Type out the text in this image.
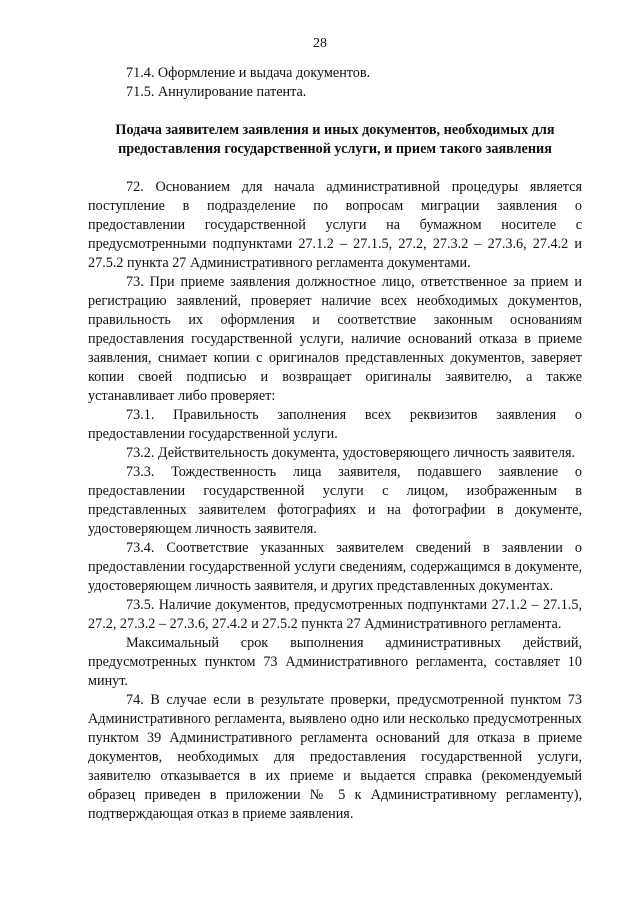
28
71.4. Оформление и выдача документов.
71.5. Аннулирование патента.
Подача заявителем заявления и иных документов, необходимых для предоставления государственной услуги, и прием такого заявления

72. Основанием для начала административной процедуры является поступление в подразделение по вопросам миграции заявления о предоставлении государственной услуги на бумажном носителе с предусмотренными подпунктами 27.1.2 – 27.1.5, 27.2, 27.3.2 – 27.3.6, 27.4.2 и 27.5.2 пункта 27 Административного регламента документами.

73. При приеме заявления должностное лицо, ответственное за прием и регистрацию заявлений, проверяет наличие всех необходимых документов, правильность их оформления и соответствие законным основаниям предоставления государственной услуги, наличие оснований отказа в приеме заявления, снимает копии с оригиналов представленных документов, заверяет копии своей подписью и возвращает оригиналы заявителю, а также устанавливает либо проверяет:

73.1. Правильность заполнения всех реквизитов заявления о предоставлении государственной услуги.

73.2. Действительность документа, удостоверяющего личность заявителя.

73.3. Тождественность лица заявителя, подавшего заявление о предоставлении государственной услуги с лицом, изображенным в представленных заявителем фотографиях и на фотографии в документе, удостоверяющем личность заявителя.

73.4. Соответствие указанных заявителем сведений в заявлении о предоставлении государственной услуги сведениям, содержащимся в документе, удостоверяющем личность заявителя, и других представленных документах.

73.5. Наличие документов, предусмотренных подпунктами 27.1.2 – 27.1.5, 27.2, 27.3.2 – 27.3.6, 27.4.2 и 27.5.2 пункта 27 Административного регламента.

Максимальный срок выполнения административных действий, предусмотренных пунктом 73 Административного регламента, составляет 10 минут.

74. В случае если в результате проверки, предусмотренной пунктом 73 Административного регламента, выявлено одно или несколько предусмотренных пунктом 39 Административного регламента оснований для отказа в приеме документов, необходимых для предоставления государственной услуги, заявителю отказывается в их приеме и выдается справка (рекомендуемый образец приведен в приложении № 5 к Административному регламенту), подтверждающая отказ в приеме заявления.
